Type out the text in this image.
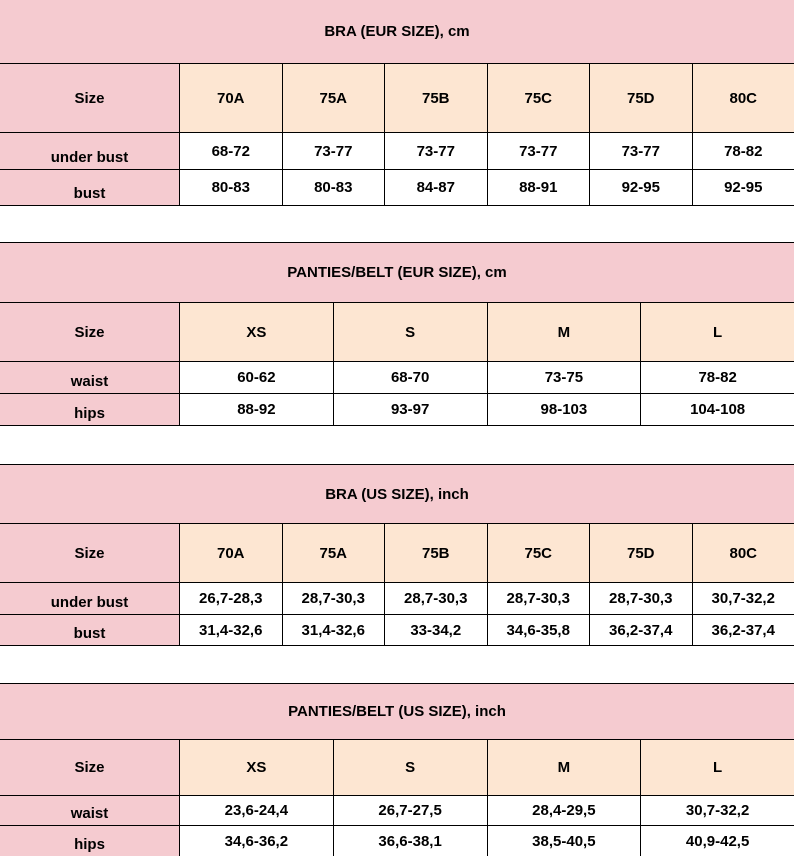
BRA (EUR SIZE), cm
Size	70A	75A	75B	75C	75D	80C
under bust	68-72	73-77	73-77	73-77	73-77	78-82
bust	80-83	80-83	84-87	88-91	92-95	92-95
PANTIES/BELT (EUR SIZE), cm
Size	XS	S	M	L
waist	60-62	68-70	73-75	78-82
hips	88-92	93-97	98-103	104-108
BRA (US SIZE), inch
Size	70A	75A	75B	75C	75D	80C
under bust	26,7-28,3	28,7-30,3	28,7-30,3	28,7-30,3	28,7-30,3	30,7-32,2
bust	31,4-32,6	31,4-32,6	33-34,2	34,6-35,8	36,2-37,4	36,2-37,4
PANTIES/BELT (US SIZE), inch
Size	XS	S	M	L
waist	23,6-24,4	26,7-27,5	28,4-29,5	30,7-32,2
hips	34,6-36,2	36,6-38,1	38,5-40,5	40,9-42,5
